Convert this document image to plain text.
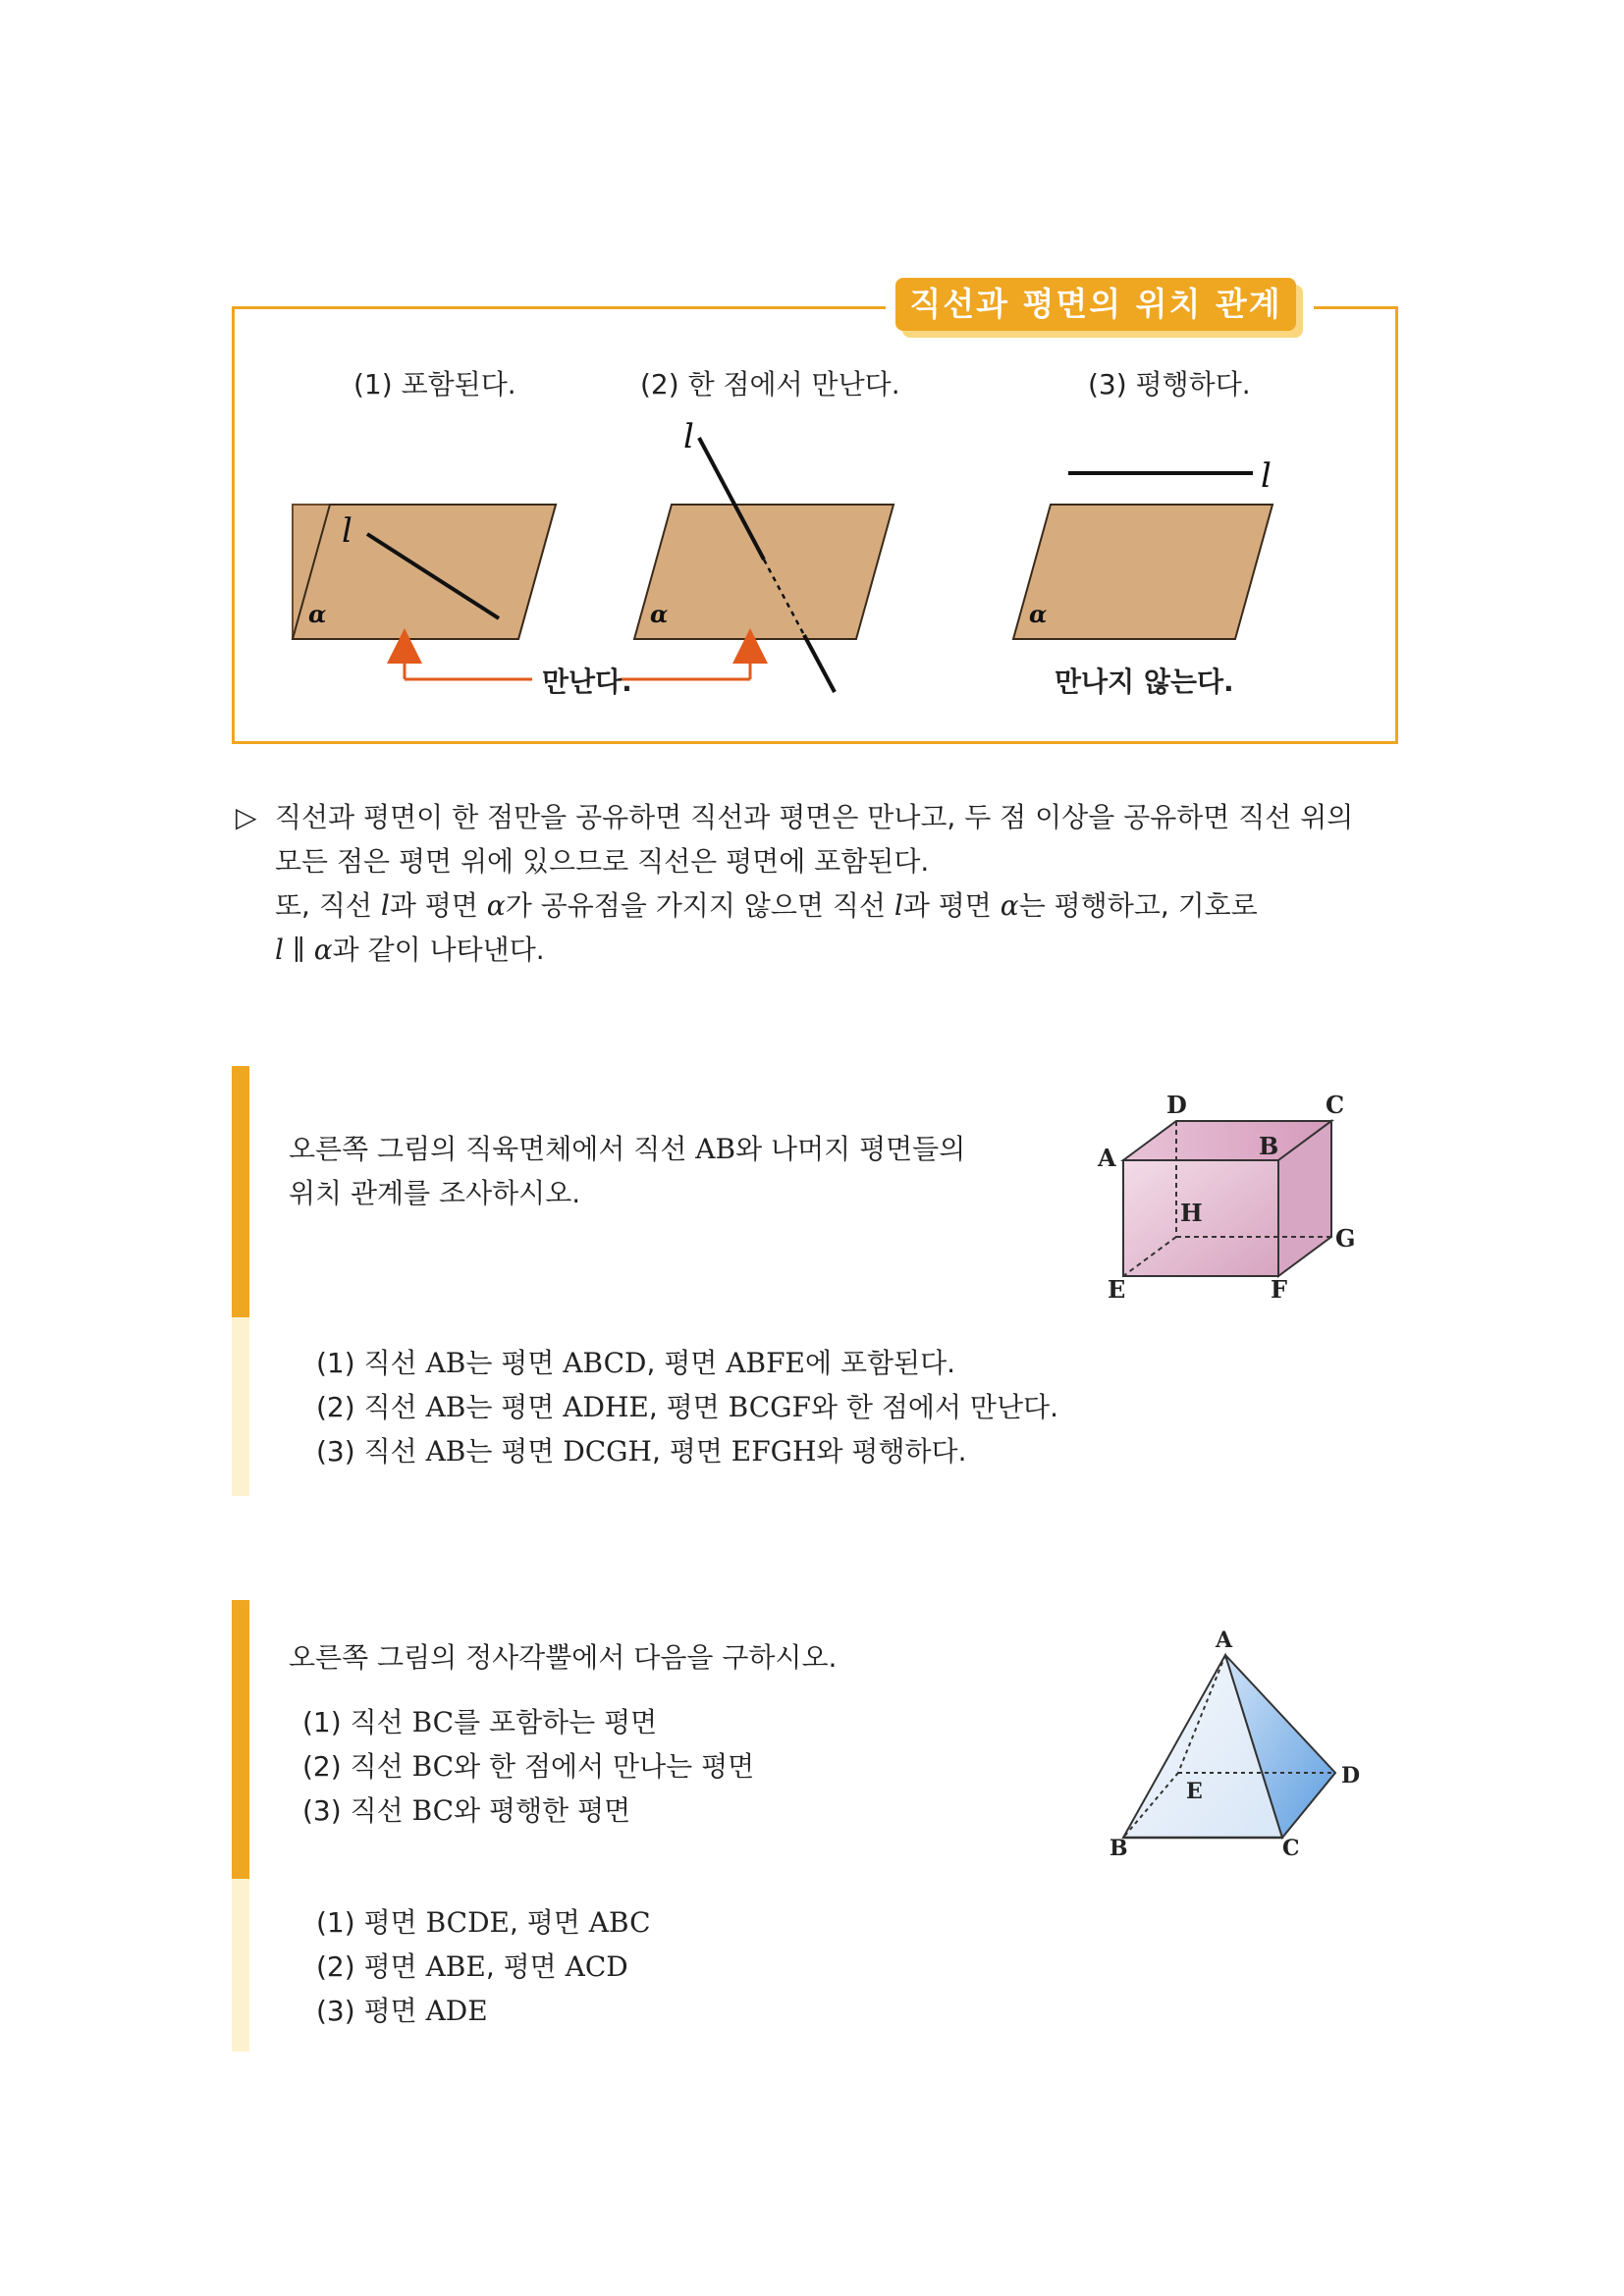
직선과 평면의 위치 관계
(1) 포함된다.	(2) 한 점에서 만난다.	(3) 평행하다.
l
α
l
α
l
α
만난다.	만나지 않는다.
▷ 직선과 평면이 한 점만을 공유하면 직선과 평면은 만나고, 두 점 이상을 공유하면 직선 위의
모든 점은 평면 위에 있으므로 직선은 평면에 포함된다.
또, 직선 l과 평면 α가 공유점을 가지지 않으면 직선 l과 평면 α는 평행하고, 기호로
l ∥ α과 같이 나타낸다.
오른쪽 그림의 직육면체에서 직선 AB와 나머지 평면들의
위치 관계를 조사하시오.
D	C
A	B
H
G
E	F
(1) 직선 AB는 평면 ABCD, 평면 ABFE에 포함된다.
(2) 직선 AB는 평면 ADHE, 평면 BCGF와 한 점에서 만난다.
(3) 직선 AB는 평면 DCGH, 평면 EFGH와 평행하다.
오른쪽 그림의 정사각뿔에서 다음을 구하시오.
(1) 직선 BC를 포함하는 평면
(2) 직선 BC와 한 점에서 만나는 평면
(3) 직선 BC와 평행한 평면
A
B	C
D
E
(1) 평면 BCDE, 평면 ABC
(2) 평면 ABE, 평면 ACD
(3) 평면 ADE
